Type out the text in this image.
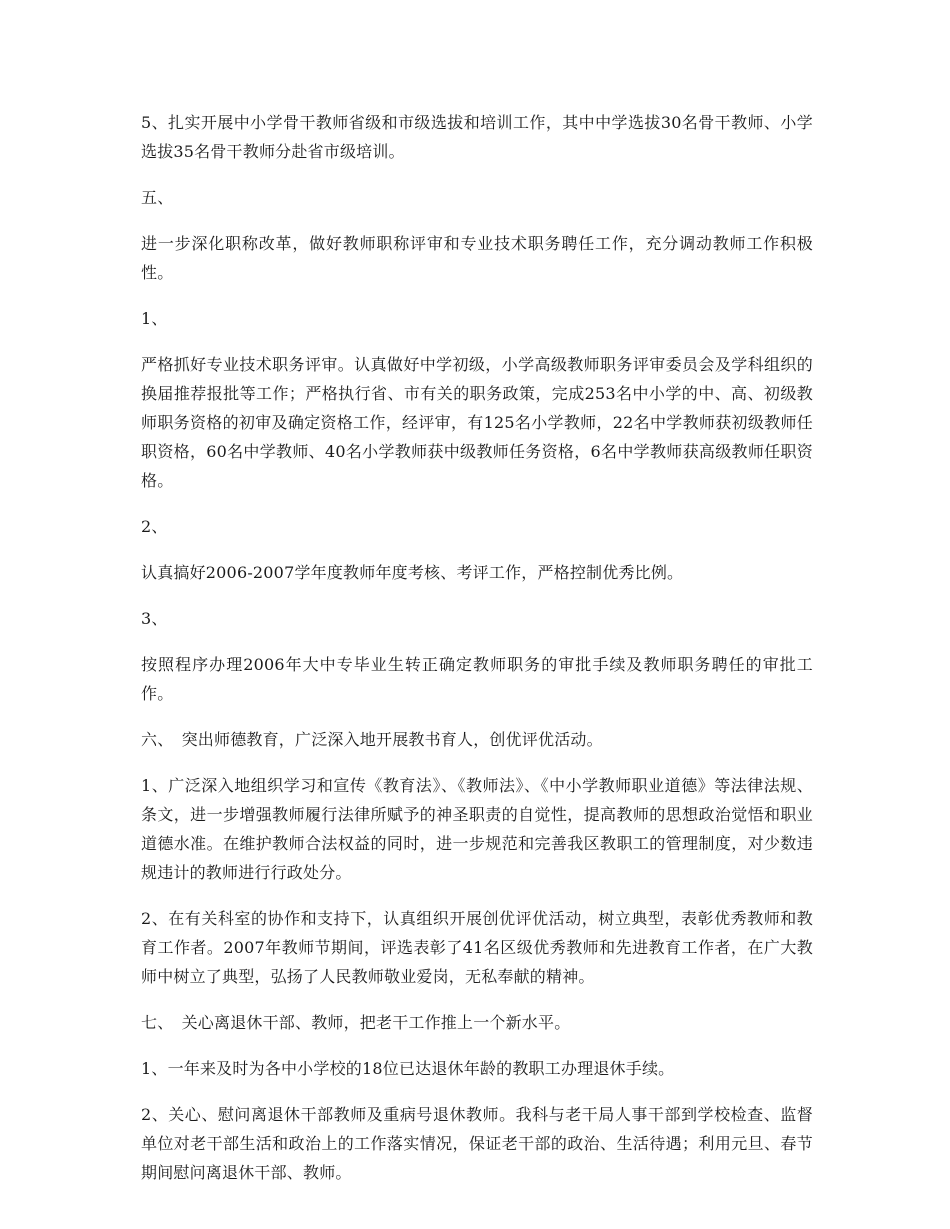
5、扎实开展中小学骨干教师省级和市级选拔和培训工作，其中中学选拔30名骨干教师、小学选拔35名骨干教师分赴省市级培训。

五、

进一步深化职称改革，做好教师职称评审和专业技术职务聘任工作，充分调动教师工作积极性。

1、

严格抓好专业技术职务评审。认真做好中学初级，小学高级教师职务评审委员会及学科组织的换届推荐报批等工作；严格执行省、市有关的职务政策，完成253名中小学的中、高、初级教师职务资格的初审及确定资格工作，经评审，有125名小学教师，22名中学教师获初级教师任职资格，60名中学教师、40名小学教师获中级教师任务资格，6名中学教师获高级教师任职资格。

2、

认真搞好2006-2007学年度教师年度考核、考评工作，严格控制优秀比例。

3、

按照程序办理2006年大中专毕业生转正确定教师职务的审批手续及教师职务聘任的审批工作。

六、　突出师德教育，广泛深入地开展教书育人，创优评优活动。

1、广泛深入地组织学习和宣传《教育法》、《教师法》、《中小学教师职业道德》等法律法规、条文，进一步增强教师履行法律所赋予的神圣职责的自觉性，提高教师的思想政治觉悟和职业道德水准。在维护教师合法权益的同时，进一步规范和完善我区教职工的管理制度，对少数违规违计的教师进行行政处分。

2、在有关科室的协作和支持下，认真组织开展创优评优活动，树立典型，表彰优秀教师和教育工作者。2007年教师节期间，评选表彰了41名区级优秀教师和先进教育工作者，在广大教师中树立了典型，弘扬了人民教师敬业爱岗，无私奉献的精神。

七、　关心离退休干部、教师，把老干工作推上一个新水平。

1、一年来及时为各中小学校的18位已达退休年龄的教职工办理退休手续。

2、关心、慰问离退休干部教师及重病号退休教师。我科与老干局人事干部到学校检查、监督单位对老干部生活和政治上的工作落实情况，保证老干部的政治、生活待遇；利用元旦、春节期间慰问离退休干部、教师。
